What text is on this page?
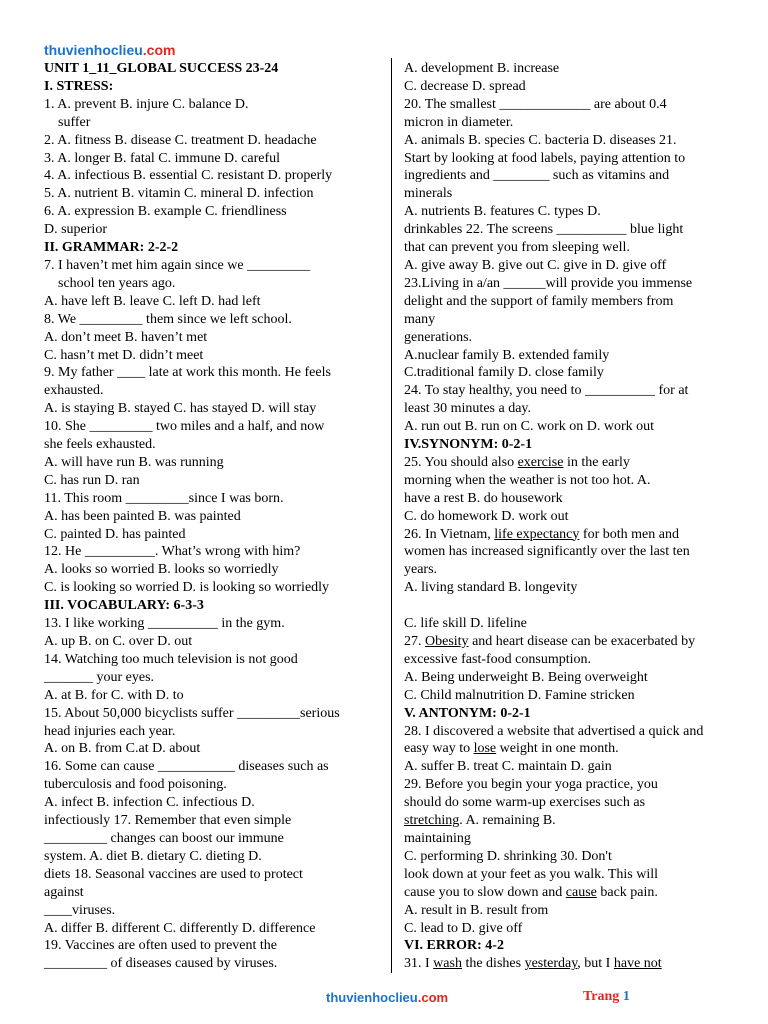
thuvienhoclieu.com
UNIT 1_11_GLOBAL SUCCESS 23-24
I. STRESS:
1. A. prevent B. injure C. balance D.
suffer
2. A. fitness B. disease C. treatment D. headache
3. A. longer B. fatal C. immune D. careful
4. A. infectious B. essential C. resistant D. properly
5. A. nutrient B. vitamin C. mineral D. infection
6. A. expression B. example C. friendliness
D. superior
II. GRAMMAR: 2-2-2
7. I haven’t met him again since we _________
school ten years ago.
A. have left B. leave C. left D. had left
8. We _________ them since we left school.
A. don’t meet B. haven’t met
C. hasn’t met D. didn’t meet
9. My father ____ late at work this month. He feels
exhausted.
A. is staying B. stayed C. has stayed D. will stay
10. She _________ two miles and a half, and now
she feels exhausted.
A. will have run B. was running
C. has run D. ran
11. This room _________since I was born.
A. has been painted B. was painted
C. painted D. has painted
12. He __________. What’s wrong with him?
A. looks so worried B. looks so worriedly
C. is looking so worried D. is looking so worriedly
III. VOCABULARY: 6-3-3
13. I like working __________ in the gym.
A. up B. on C. over D. out
14. Watching too much television is not good
_______ your eyes.
A. at B. for C. with D. to
15. About 50,000 bicyclists suffer _________serious
head injuries each year.
A. on B. from C.at D. about
16. Some can cause ___________ diseases such as
tuberculosis and food poisoning.
A. infect B. infection C. infectious D.
infectiously 17. Remember that even simple
_________ changes can boost our immune
system. A. diet B. dietary C. dieting D.
diets 18. Seasonal vaccines are used to protect
against
____viruses.
A. differ B. different C. differently D. difference
19. Vaccines are often used to prevent the
_________ of diseases caused by viruses.
A. development B. increase
C. decrease D. spread
20. The smallest _____________ are about 0.4
micron in diameter.
A. animals B. species C. bacteria D. diseases 21.
Start by looking at food labels, paying attention to
ingredients and ________ such as vitamins and
minerals
A. nutrients B. features C. types D.
drinkables 22. The screens __________ blue light
that can prevent you from sleeping well.
A. give away B. give out C. give in D. give off
23.Living in a/an ______will provide you immense
delight and the support of family members from
many
generations.
A.nuclear family B. extended family
C.traditional family D. close family
24. To stay healthy, you need to __________ for at
least 30 minutes a day.
A. run out B. run on C. work on D. work out
IV.SYNONYM: 0-2-1
25. You should also exercise in the early
morning when the weather is not too hot. A.
have a rest B. do housework
C. do homework D. work out
26. In Vietnam, life expectancy for both men and
women has increased significantly over the last ten
years.
A. living standard B. longevity

C. life skill D. lifeline
27. Obesity and heart disease can be exacerbated by
excessive fast-food consumption.
A. Being underweight B. Being overweight
C. Child malnutrition D. Famine stricken
V. ANTONYM: 0-2-1
28. I discovered a website that advertised a quick and
easy way to lose weight in one month.
A. suffer B. treat C. maintain D. gain
29. Before you begin your yoga practice, you
should do some warm-up exercises such as
stretching. A. remaining B.
maintaining
C. performing D. shrinking 30. Don't
look down at your feet as you walk. This will
cause you to slow down and cause back pain.
A. result in B. result from
C. lead to D. give off
VI. ERROR: 4-2
31. I wash the dishes yesterday, but I have not
thuvienhoclieu.com	Trang 1
